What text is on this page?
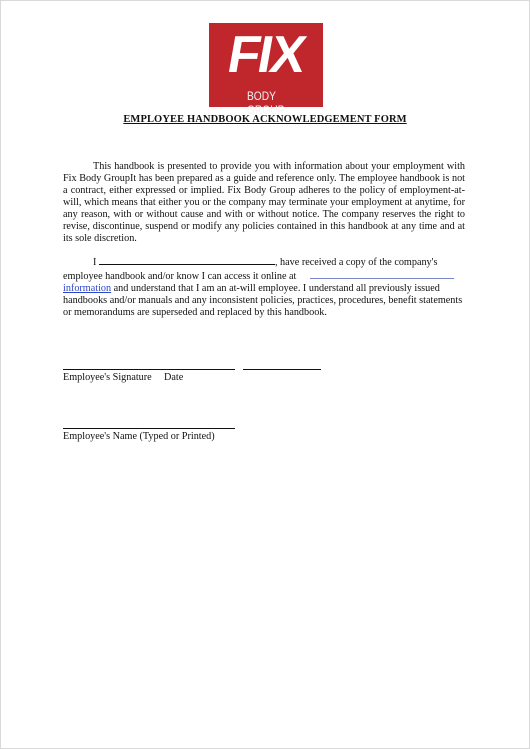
FIX
BODY GROUP
EMPLOYEE HANDBOOK ACKNOWLEDGEMENT FORM

This handbook is presented to provide you with information about your employment with Fix Body GroupIt has been prepared as a guide and reference only. The employee handbook is not a contract, either expressed or implied. Fix Body Group adheres to the policy of employment-at-will, which means that either you or the company may terminate your employment at anytime, for any reason, with or without cause and with or without notice. The company reserves the right to revise, discontinue, suspend or modify any policies contained in this handbook at any time and at its sole discretion.

I	, have received a copy of the company's employee handbook and/or know I can access it online at
information and understand that I am an at-will employee. I understand all previously issued handbooks and/or manuals and any inconsistent policies, practices, procedures, benefit statements or memorandums are superseded and replaced by this handbook.

Employee's Signature Date
Employee's Name (Typed or Printed)
